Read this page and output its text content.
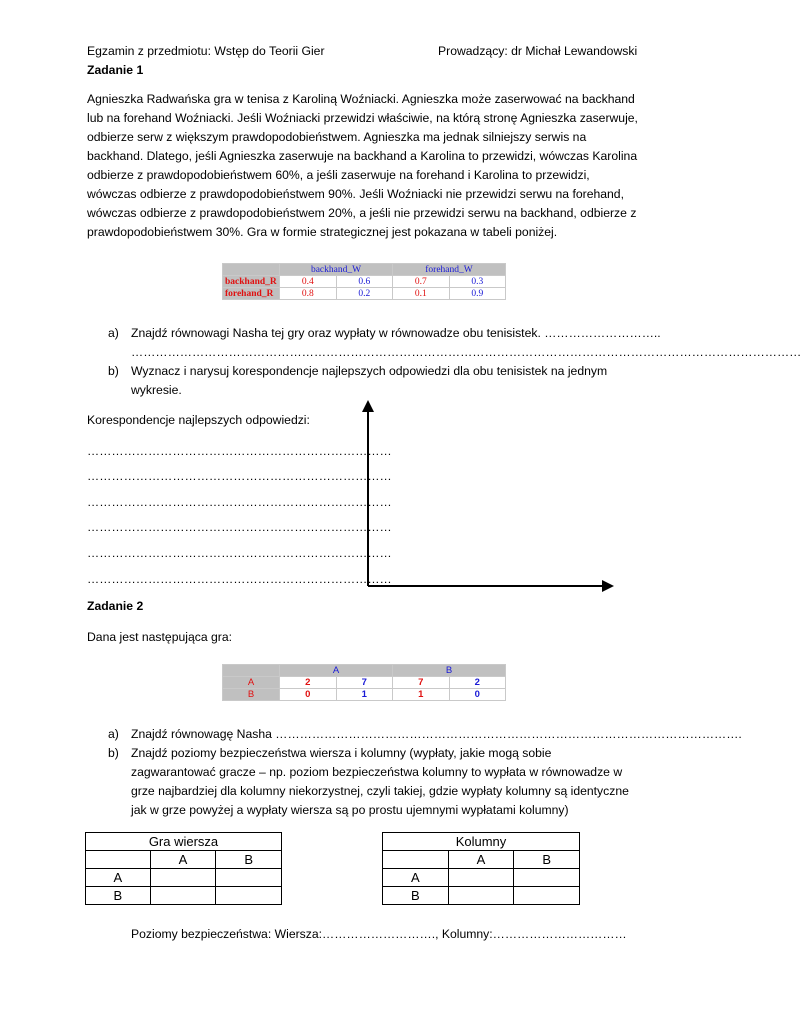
Egzamin z przedmiotu: Wstęp do Teorii Gier	Prowadzący: dr Michał Lewandowski
Zadanie 1

Agnieszka Radwańska gra w tenisa z Karoliną Woźniacki. Agnieszka może zaserwować na backhand

lub na forehand Woźniacki. Jeśli Woźniacki przewidzi właściwie, na którą stronę Agnieszka zaserwuje,

odbierze serw z większym prawdopodobieństwem. Agnieszka ma jednak silniejszy serwis na

backhand. Dlatego, jeśli Agnieszka zaserwuje na backhand a Karolina to przewidzi, wówczas Karolina

odbierze z prawdopodobieństwem 60%, a jeśli zaserwuje na forehand i Karolina to przewidzi,

wówczas odbierze z prawdopodobieństwem 90%. Jeśli Woźniacki nie przewidzi serwu na forehand,

wówczas odbierze z prawdopodobieństwem 20%, a jeśli nie przewidzi serwu na backhand, odbierze z

prawdopodobieństwem 30%. Gra w formie strategicznej jest pokazana w tabeli poniżej.

	backhand_W		forehand_W	
backhand_R	0.4	0.6	0.7	0.3
forehand_R	0.8	0.2	0.1	0.9
a) Znajdź równowagi Nasha tej gry oraz wypłaty w równowadze obu tenisistek. ………………………..
…………………………………………………………………………………………………………………………………………………
b) Wyznacz i narysuj korespondencje najlepszych odpowiedzi dla obu tenisistek na jednym
wykresie.
Korespondencje najlepszych odpowiedzi:
…………………………………………………………………
…………………………………………………………………
…………………………………………………………………
…………………………………………………………………
…………………………………………………………………
…………………………………………………………………
Zadanie 2
Dana jest następująca gra:
	A		B	
A	2	7	7	2
B	0	1	1	0
a) Znajdź równowagę Nasha …………………………………………………………………………………………………….
b) Znajdź poziomy bezpieczeństwa wiersza i kolumny (wypłaty, jakie mogą sobie
zagwarantować gracze – np. poziom bezpieczeństwa kolumny to wypłata w równowadze w
grze najbardziej dla kolumny niekorzystnej, czyli takiej, gdzie wypłaty kolumny są identyczne
jak w grze powyżej a wypłaty wiersza są po prostu ujemnymi wypłatami kolumny)
Gra wiersza		
	A	B
A		
B		
Kolumny		
	A	B
A		
B		
Poziomy bezpieczeństwa: Wiersza:………………………., Kolumny:……………………………
